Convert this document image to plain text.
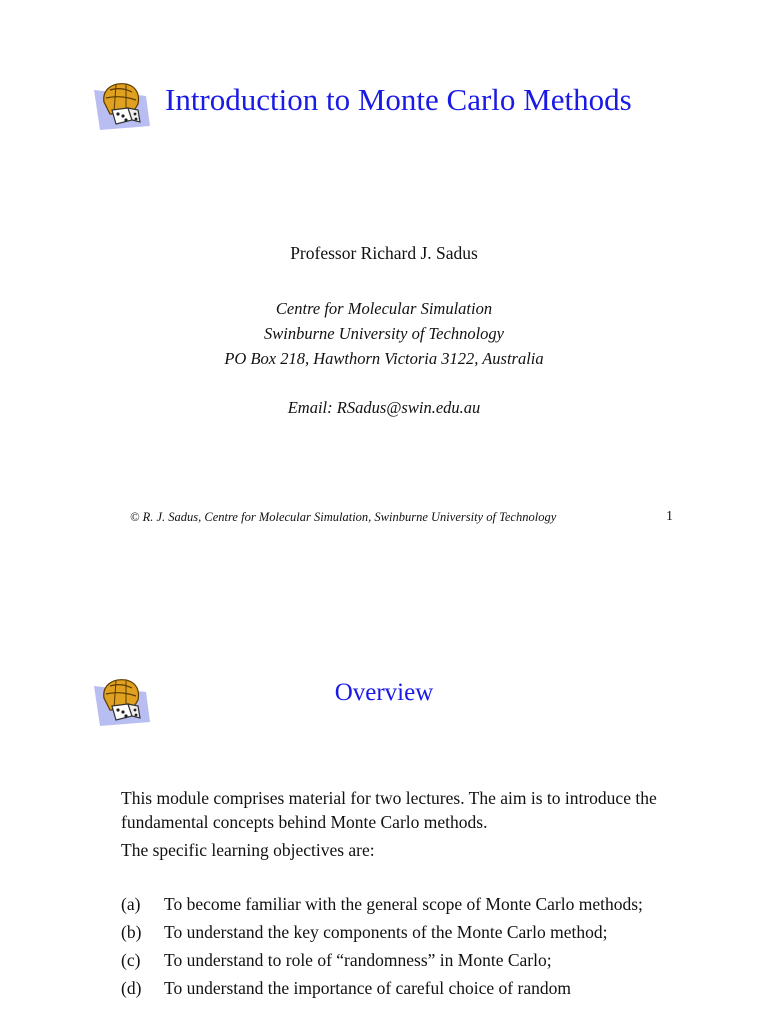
Introduction to Monte Carlo Methods
Professor Richard J. Sadus
Centre for Molecular Simulation
Swinburne University of Technology
PO Box 218, Hawthorn Victoria 3122, Australia
Email: RSadus@swin.edu.au
© R. J. Sadus, Centre for Molecular Simulation, Swinburne University of Technology	1
Overview

This module comprises material for two lectures. The aim is to introduce the fundamental concepts behind Monte Carlo methods.

The specific learning objectives are:

(a) To become familiar with the general scope of Monte Carlo methods;
(b) To understand the key components of the Monte Carlo method;
(c) To understand to role of “randomness” in Monte Carlo;
(d) To understand the importance of careful choice of random
